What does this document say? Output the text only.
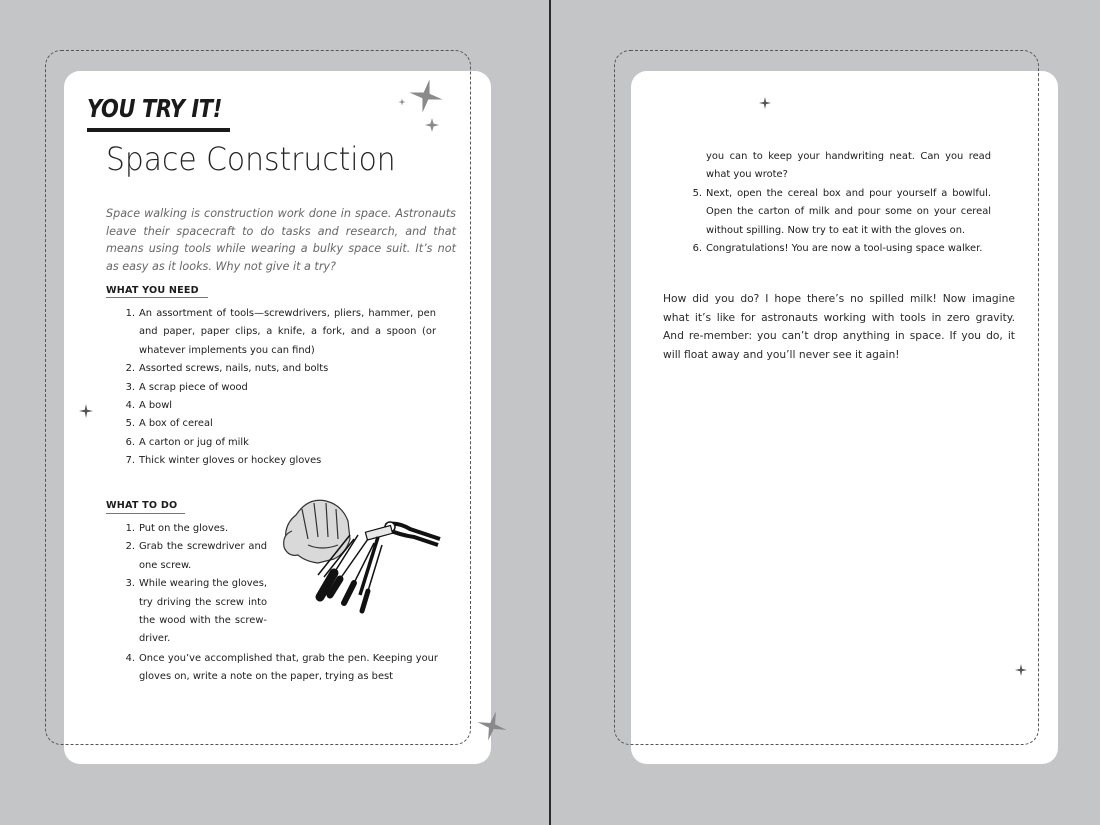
YOU TRY IT!
Space Construction
Space walking is construction work done in space. Astronauts leave their spacecraft to do tasks and research, and that means using tools while wearing a bulky space suit. It’s not as easy as it looks. Why not give it a try?
WHAT YOU NEED
1. An assortment of tools—screwdrivers, pliers, hammer, pen and paper, paper clips, a knife, a fork, and a spoon (or whatever implements you can find)
2. Assorted screws, nails, nuts, and bolts
3. A scrap piece of wood
4. A bowl
5. A box of cereal
6. A carton or jug of milk
7. Thick winter gloves or hockey gloves
WHAT TO DO
1. Put on the gloves.
2. Grab the screwdriver and one screw.
3. While wearing the gloves, try driving the screw into the wood with the screw-driver.
4. Once you’ve accomplished that, grab the pen. Keeping your gloves on, write a note on the paper, trying as best
you can to keep your handwriting neat. Can you read what you wrote?
5. Next, open the cereal box and pour yourself a bowlful. Open the carton of milk and pour some on your cereal without spilling. Now try to eat it with the gloves on.
6. Congratulations! You are now a tool-using space walker.
How did you do? I hope there’s no spilled milk! Now imagine what it’s like for astronauts working with tools in zero gravity. And re-member: you can’t drop anything in space. If you do, it will float away and you’ll never see it again!
